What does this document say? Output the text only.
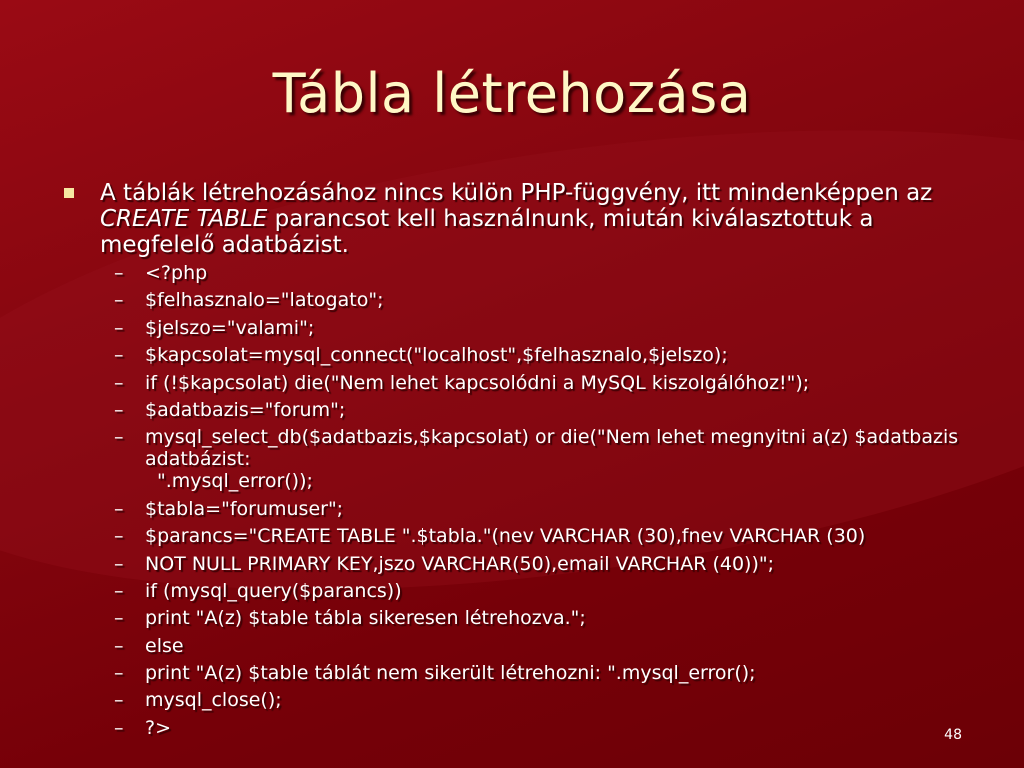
Tábla létrehozása
A táblák létrehozásához nincs külön PHP-függvény, itt mindenképpen az CREATE TABLE parancsot kell használnunk, miután kiválasztottuk a megfelelő adatbázist.
– <?php
– $felhasznalo="latogato";
– $jelszo="valami";
– $kapcsolat=mysql_connect("localhost",$felhasznalo,$jelszo);
– if (!$kapcsolat) die("Nem lehet kapcsolódni a MySQL kiszolgálóhoz!");
– $adatbazis="forum";
– mysql_select_db($adatbazis,$kapcsolat) or die("Nem lehet megnyitni a(z) $adatbazis adatbázist:
".mysql_error());
– $tabla="forumuser";
– $parancs="CREATE TABLE ".$tabla."(nev VARCHAR (30),fnev VARCHAR (30)
– NOT NULL PRIMARY KEY,jszo VARCHAR(50),email VARCHAR (40))";
– if (mysql_query($parancs))
– print "A(z) $table tábla sikeresen létrehozva.";
– else
– print "A(z) $table táblát nem sikerült létrehozni: ".mysql_error();
– mysql_close();
– ?>	48
